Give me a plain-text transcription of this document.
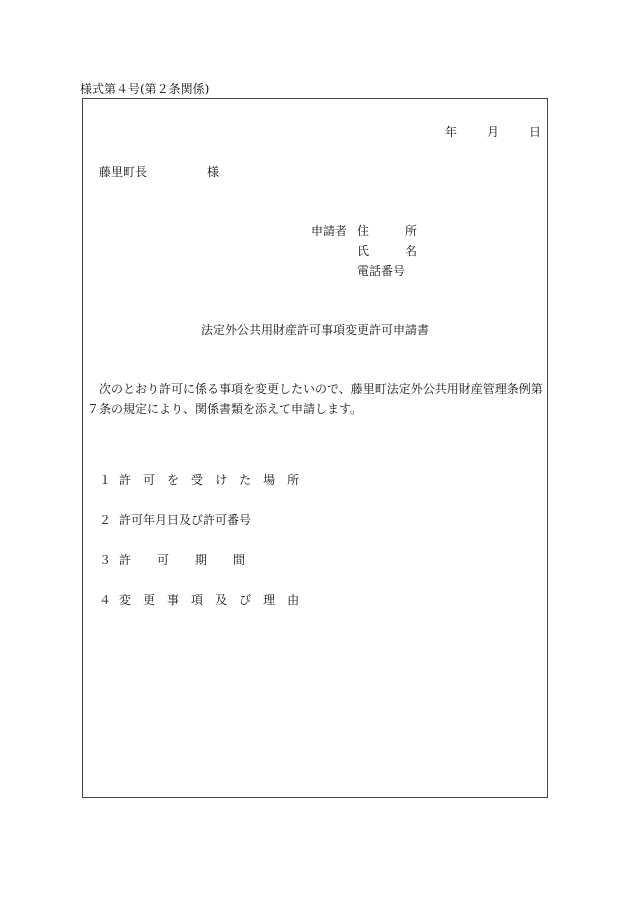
様式第４号(第２条関係)
年	月	日
藤里町長	様
申請者 住	所
氏	名
電話番号
法定外公共用財産許可事項変更許可申請書
次のとおり許可に係る事項を変更したいので、藤里町法定外公共用財産管理条例第７条の規定により、関係書類を添えて申請します。
１ 許
  可
  を
  受
  け
  た
  場
  所
２ 許可年月日及び許可番号
３ 許 可 期 間
４ 変
  更
  事
  項
  及
  び
  理
  由
